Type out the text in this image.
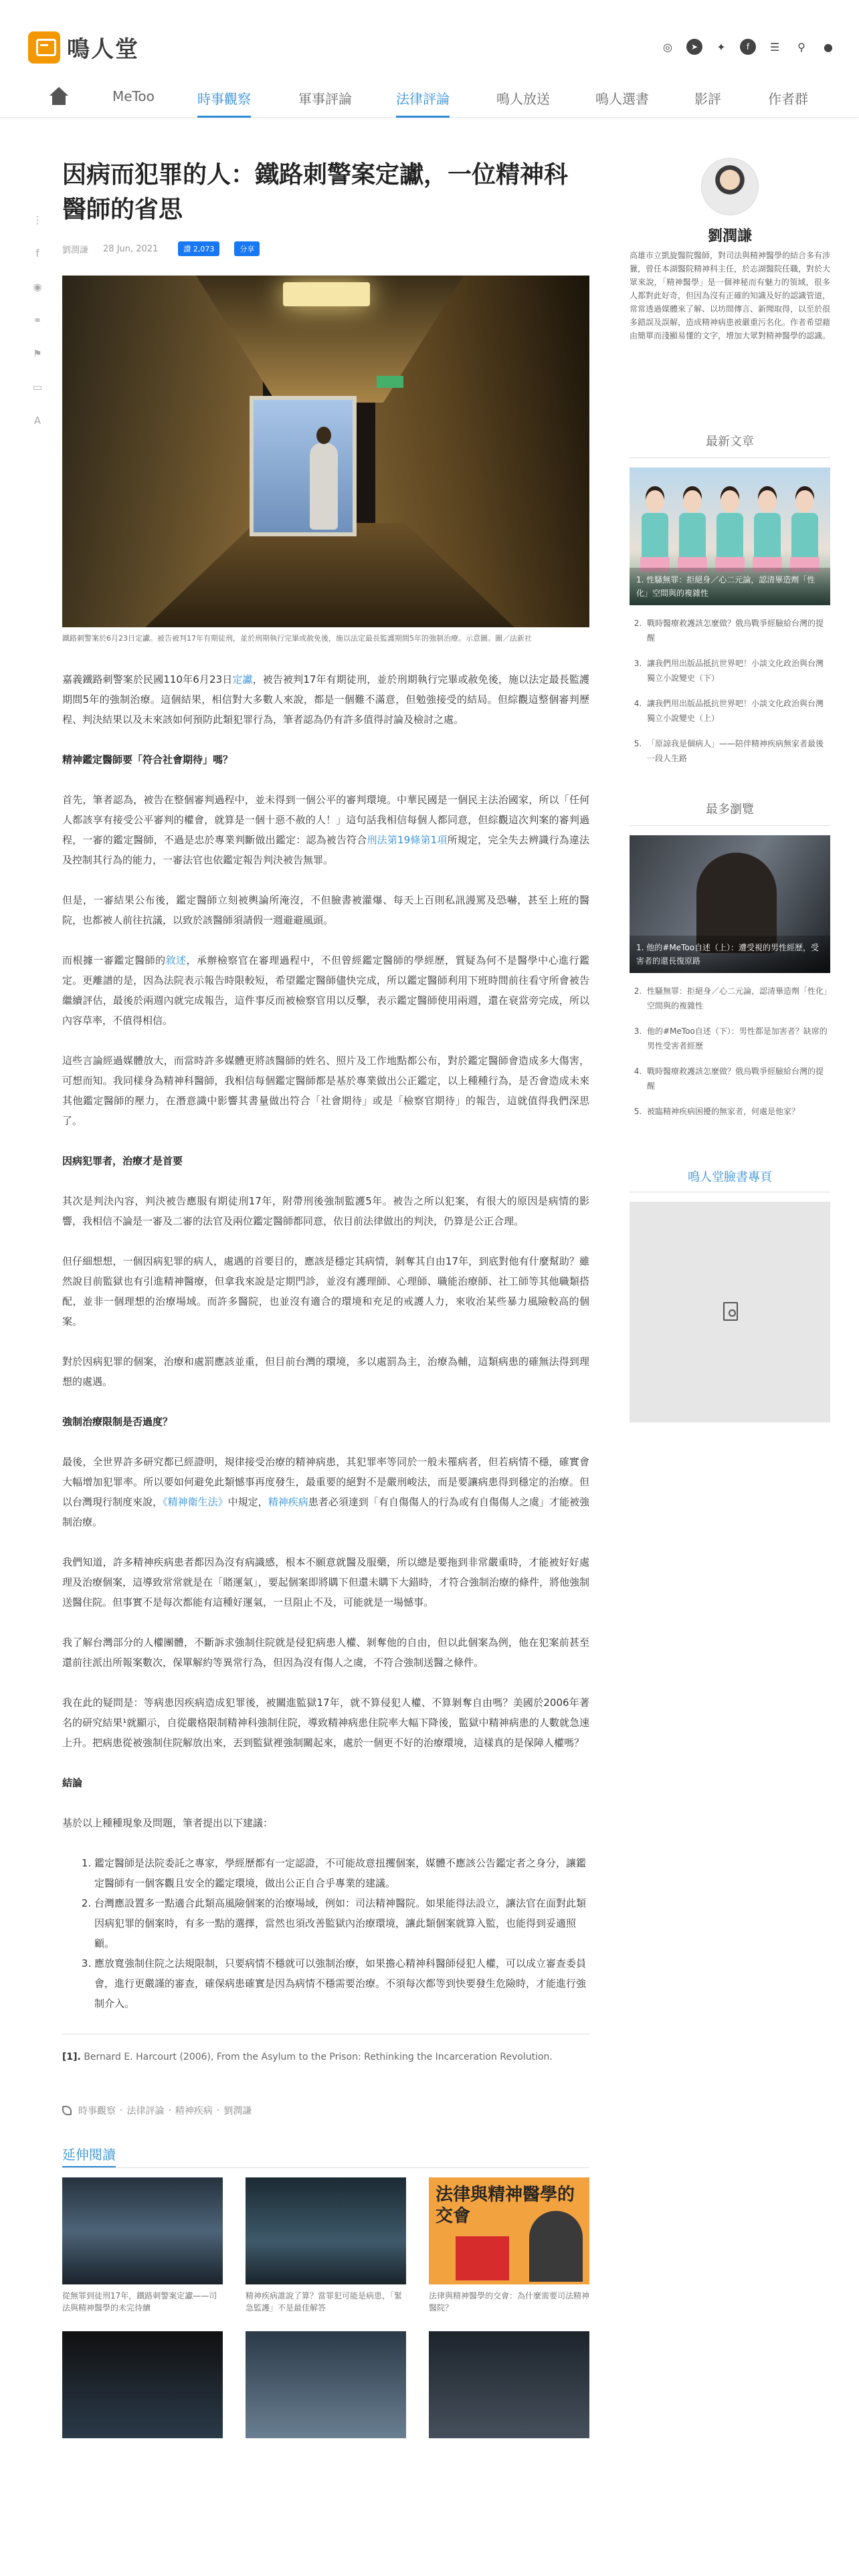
鳴人堂	◎	➤	✦	f	☰	⚲	●
MeToo	時事觀察	軍事評論	法律評論	鳴人放送	鳴人選書	影評	作者群
⋮
f
◉
⚭
⚑
▭
A
因病而犯罪的人：鐵路刺警案定讞，一位精神科醫師的省思
劉潤謙 28 Jun, 2021	讚 2,073	分享

鐵路刺警案於6月23日定讞。被告被判17年有期徒刑，並於刑期執行完畢或赦免後，施以法定最長監護期間5年的強制治療。示意圖。圖／法新社

嘉義鐵路刺警案於民國110年6月23日定讞，被告被判17年有期徒刑，並於刑期執行完畢或赦免後，施以法定最長監護期間5年的強制治療。這個結果，相信對大多數人來說，都是一個難不滿意，但勉強接受的結局。但綜觀這整個審判歷程、判決結果以及未來該如何預防此類犯罪行為，筆者認為仍有許多值得討論及檢討之處。

精神鑑定醫師要「符合社會期待」嗎？

首先，筆者認為，被告在整個審判過程中，並未得到一個公平的審判環境。中華民國是一個民主法治國家，所以「任何人都該享有接受公平審判的權會，就算是一個十惡不赦的人！」這句話我相信每個人都同意，但綜觀這次判案的審判過程，一審的鑑定醫師，不過是忠於專業判斷做出鑑定：認為被告符合刑法第19條第1項所規定，完全失去辨識行為違法及控制其行為的能力，一審法官也依鑑定報告判決被告無罪。

但是，一審結果公布後，鑑定醫師立刻被輿論所淹沒，不但臉書被灌爆、每天上百則私訊謾罵及恐嚇，甚至上班的醫院，也都被人前往抗議，以致於該醫師須請假一週避避風頭。

而根據一審鑑定醫師的敘述，承辦檢察官在審理過程中，不但曾經鑑定醫師的學經歷，質疑為何不是醫學中心進行鑑定。更離譜的是，因為法院表示報告時限較短，希望鑑定醫師儘快完成，所以鑑定醫師利用下班時間前往看守所會被告繼續評估，最後於兩週內就完成報告，這件事反而被檢察官用以反擊，表示鑑定醫師使用兩週，還在衰當旁完成，所以內容草率，不值得相信。

這些言論經過媒體放大，而當時許多媒體更將該醫師的姓名、照片及工作地點都公布，對於鑑定醫師會造成多大傷害，可想而知。我同樣身為精神科醫師，我相信每個鑑定醫師都是基於專業做出公正鑑定，以上種種行為，是否會造成未來其他鑑定醫師的壓力，在潛意識中影響其書量做出符合「社會期待」或是「檢察官期待」的報告，這就值得我們深思了。

因病犯罪者，治療才是首要

其次是判決內容，判決被告應服有期徒刑17年，附帶刑後強制監護5年。被告之所以犯案，有很大的原因是病情的影響，我相信不論是一審及二審的法官及兩位鑑定醫師都同意，依目前法律做出的判決，仍算是公正合理。

但仔細想想，一個因病犯罪的病人，處遇的首要目的，應該是穩定其病情，剝奪其自由17年，到底對他有什麼幫助？雖然說目前監獄也有引進精神醫療，但拿我來說是定期門診，並沒有護理師、心理師、職能治療師、社工師等其他職類搭配，並非一個理想的治療場域。而許多醫院，也並沒有適合的環境和充足的戒護人力，來收治某些暴力風險較高的個案。

對於因病犯罪的個案，治療和處罰應該並重，但目前台灣的環境，多以處罰為主，治療為輔，這類病患的確無法得到理想的處遇。

強制治療限制是否過度？

最後，全世界許多研究都已經證明，規律接受治療的精神病患，其犯罪率等同於一般未罹病者，但若病情不穩，確實會大幅增加犯罪率。所以要如何避免此類憾事再度發生，最重要的絕對不是嚴刑峻法，而是要讓病患得到穩定的治療。但以台灣現行制度來說，《精神衛生法》中規定，精神疾病患者必須達到「有自傷傷人的行為或有自傷傷人之虞」才能被強制治療。

我們知道，許多精神疾病患者都因為沒有病識感，根本不願意就醫及服藥，所以總是要拖到非常嚴重時，才能被好好處理及治療個案，這導致常常就是在「賭運氣」，要起個案即將購下但還未購下大錯時，才符合強制治療的條件，將他強制送醫住院。但事實不是每次都能有這種好運氣，一旦阻止不及，可能就是一場憾事。

我了解台灣部分的人權團體，不斷訴求強制住院就是侵犯病患人權、剝奪他的自由，但以此個案為例，他在犯案前甚至還前往派出所報案數次，保單解約等異常行為，但因為沒有傷人之虞，不符合強制送醫之條件。

我在此的疑問是：等病患因疾病造成犯罪後，被關進監獄17年，就不算侵犯人權、不算剝奪自由嗎？美國於2006年著名的研究結果¹就顯示，自從嚴格限制精神科強制住院，導致精神病患住院率大幅下降後，監獄中精神病患的人數就急速上升。把病患從被強制住院解放出來，丟到監獄裡強制關起來，處於一個更不好的治療環境，這樣真的是保障人權嗎？

結論

基於以上種種現象及問題，筆者提出以下建議：

1. 鑑定醫師是法院委託之專家，學經歷都有一定認證，不可能故意扭攫個案，媒體不應該公告鑑定者之身分，讓鑑定醫師有一個客觀且安全的鑑定環境，做出公正自合乎專業的建議。
2. 台灣應設置多一點適合此類高風險個案的治療場域，例如：司法精神醫院。如果能得法設立，讓法官在面對此類因病犯罪的個案時，有多一點的選擇，當然也須改善監獄內治療環境，讓此類個案就算入監，也能得到妥適照顧。
3. 應放寬強制住院之法規限制，只要病情不穩就可以強制治療，如果擔心精神科醫師侵犯人權，可以成立審查委員會，進行更嚴謹的審查，確保病患確實是因為病情不穩需要治療。不須每次都等到快要發生危險時，才能進行強制介入。

[1]. Bernard E. Harcourt (2006), From the Asylum to the Prison: Rethinking the Incarceration Revolution.

時事觀察 · 法律評論 · 精神疾病 · 劉潤謙
延伸閱讀
從無罪到徒刑17年，鐵路刺警案定讞——司法與精神醫學的未完待續
精神疾病誰說了算？當罪犯可能是病患，「緊急監護」不是最佳解答
法律與精神醫學的交會
法律與精神醫學的交會：為什麼需要司法精神醫院？
劉潤謙

高雄市立凱旋醫院醫師，對司法與精神醫學的結合多有涉獵，曾任本湖醫院精神科主任，於志湖醫院任職，對於大眾來說，「精神醫學」是一個神秘而有魅力的領域，很多人都對此好奇，但因為沒有正確的知識及好的認識管道，常常透過媒體來了解、以坊間傳言、新聞取得，以至於很多錯誤及誤解，造成精神病患被嚴重污名化。作者希望藉由簡單而淺顯易懂的文字，增加大眾對精神醫學的認識。

最新文章
1. 性騷無罪：拒絕身／心二元論，認清畢造劑「性化」空間與的複雜性
2. 戰時醫療救護該怎麼做？俄烏戰爭經驗給台灣的提醒
3. 讓我們用出版品抵抗世界吧！小談文化政治與台灣獨立小說變史（下）
4. 讓我們用出版品抵抗世界吧！小談文化政治與台灣獨立小說變史（上）
5. 「原諒我是個病人」——陪伴精神疾病無家者最後一段人生路
最多瀏覽
1. 他的#MeToo自述（上）：遭受視的男性經歷，受害者的還長復原路
2. 性騷無罪：拒絕身／心二元論，認清畢造劑「性化」空間與的複雜性
3. 他的#MeToo自述（下）：男性都是加害者？缺席的男性受害者經歷
4. 戰時醫療救護該怎麼做？俄烏戰爭經驗給台灣的提醒
5. 被臨精神疾病困擾的無家者，何處是他家？
鳴人堂臉書專頁
